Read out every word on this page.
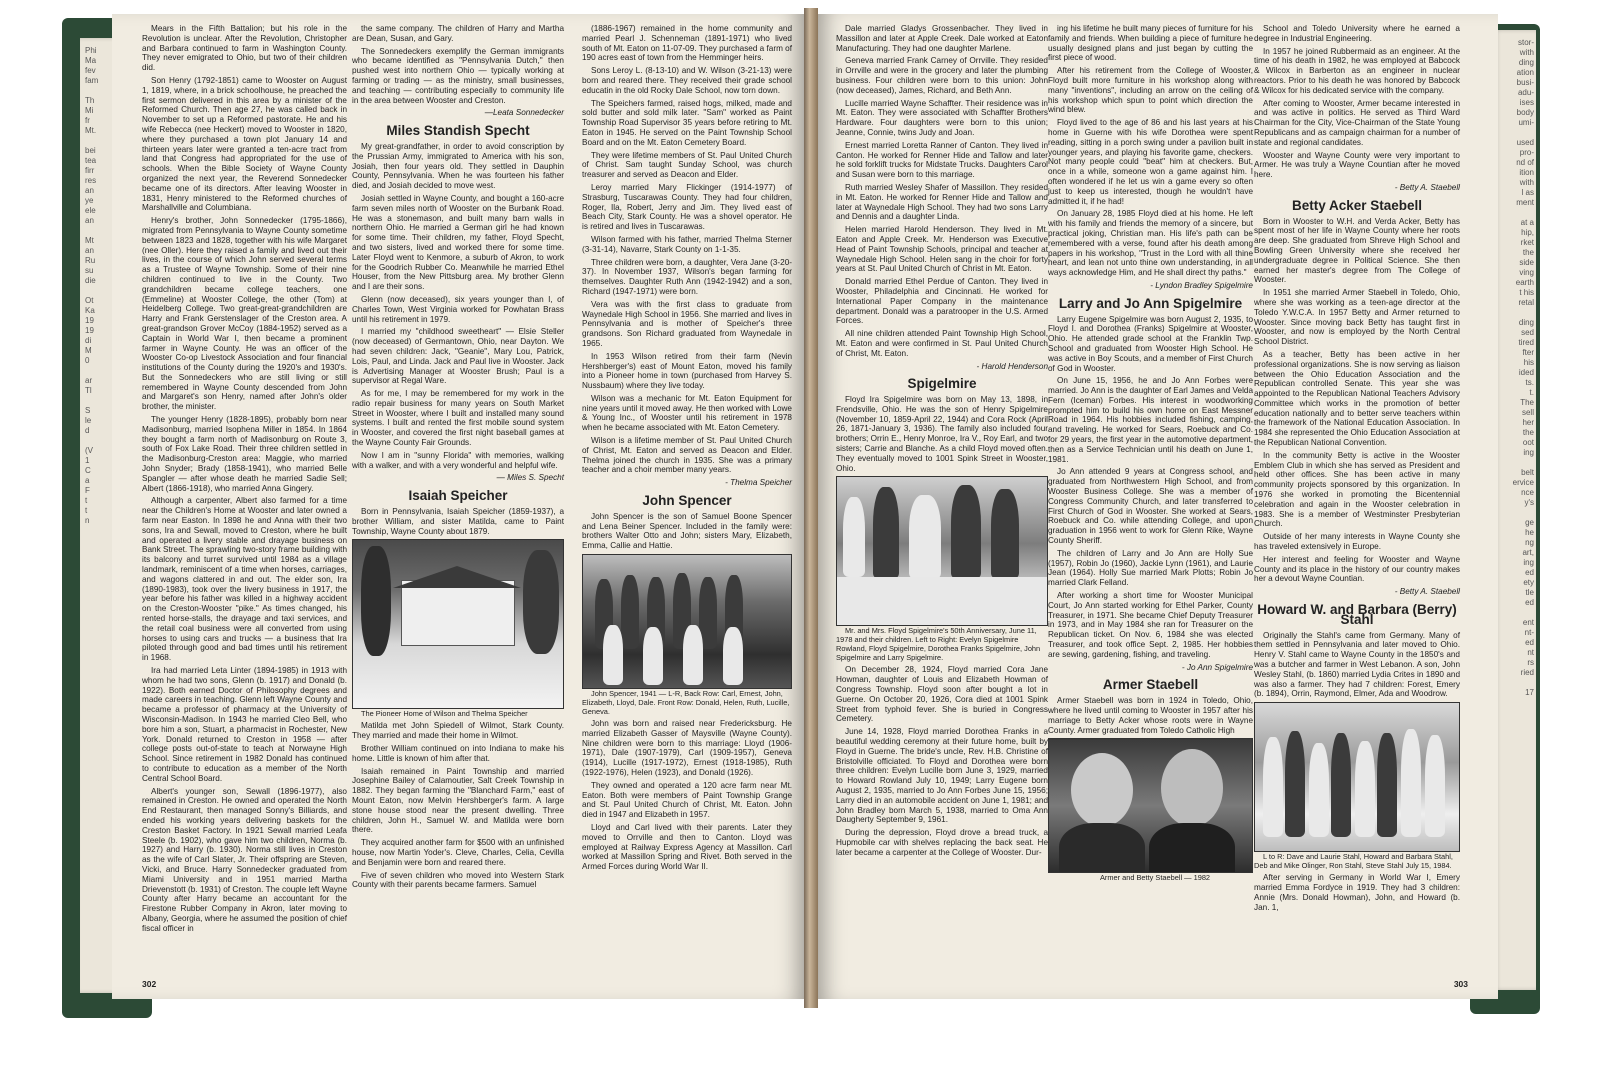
Phi
Ma
fev
fam

Th
Mi
fr
Mt.

bei
tea
firr
res
an
ye
ele
an

Mt
an
Ru
su
die

Ot
Ka
19
19
di
M
0

ar
Tl

S
le
d

(V
1
C
a
F
t
t
n

stor-
with
ding
ation
busi-
adu-
ises
body
umi-

used
pro-
nd of
ition
with
l as
ment

at a
hip,
rket
the
side
ving
earth
t his
retal

ding
sed
tired
fter
his
ided
ts.
t.
The
sell
her
the
oot
ing

belt
ervice
nce
y's

ge
he
ng
art,
ing
ed
ety
tle
ed

ent
nt-
ed
nt
rs
ried

17

Mears in the Fifth Battalion; but his role in the Revolution is unclear. After the Revolution, Christopher and Barbara continued to farm in Washington County. They never emigrated to Ohio, but two of their children did.

Son Henry (1792-1851) came to Wooster on August 1, 1819, where, in a brick schoolhouse, he preached the first sermon delivered in this area by a minister of the Reformed Church. Then age 27, he was called back in November to set up a Reformed pastorate. He and his wife Rebecca (nee Heckert) moved to Wooster in 1820, where they purchased a town plot January 14 and thirteen years later were granted a ten-acre tract from land that Congress had appropriated for the use of schools. When the Bible Society of Wayne County organized the next year, the Reverend Sonnedecker became one of its directors. After leaving Wooster in 1831, Henry ministered to the Reformed churches of Marshallville and Columbiana.

Henry's brother, John Sonnedecker (1795-1866), migrated from Pennsylvania to Wayne County sometime between 1823 and 1828, together with his wife Margaret (nee Oller). Here they raised a family and lived out their lives, in the course of which John served several terms as a Trustee of Wayne Township. Some of their nine children continued to live in the County. Two grandchildren became college teachers, one (Emmeline) at Wooster College, the other (Tom) at Heidelberg College. Two great-great-grandchildren are Harry and Frank Gerstenslager of the Creston area. A great-grandson Grover McCoy (1884-1952) served as a Captain in World War I, then became a prominent farmer in Wayne County. He was an officer of the Wooster Co-op Livestock Association and four financial institutions of the County during the 1920's and 1930's. But the Sonnedeckers who are still living or still remembered in Wayne County descended from John and Margaret's son Henry, named after John's older brother, the minister.

The younger Henry (1828-1895), probably born near Madisonburg, married Isophena Miller in 1854. In 1864 they bought a farm north of Madisonburg on Route 3, south of Fox Lake Road. Their three children settled in the Madisonburg-Creston area: Maggie, who married John Snyder; Brady (1858-1941), who married Belle Spangler — after whose death he married Sadie Sell; Albert (1866-1918), who married Anna Gingery.

Although a carpenter, Albert also farmed for a time near the Children's Home at Wooster and later owned a farm near Easton. In 1898 he and Anna with their two sons, Ira and Sewall, moved to Creston, where he built and operated a livery stable and drayage business on Bank Street. The sprawling two-story frame building with its balcony and turret survived until 1984 as a village landmark, reminiscent of a time when horses, carriages, and wagons clattered in and out. The elder son, Ira (1890-1983), took over the livery business in 1917, the year before his father was killed in a highway accident on the Creston-Wooster "pike." As times changed, his rented horse-stalls, the drayage and taxi services, and the retail coal business were all converted from using horses to using cars and trucks — a business that Ira piloted through good and bad times until his retirement in 1968.

Ira had married Leta Linter (1894-1985) in 1913 with whom he had two sons, Glenn (b. 1917) and Donald (b. 1922). Both earned Doctor of Philosophy degrees and made careers in teaching. Glenn left Wayne County and became a professor of pharmacy at the University of Wisconsin-Madison. In 1943 he married Cleo Bell, who bore him a son, Stuart, a pharmacist in Rochester, New York. Donald returned to Creston in 1958 — after college posts out-of-state to teach at Norwayne High School. Since retirement in 1982 Donald has continued to contribute to education as a member of the North Central School Board.

Albert's younger son, Sewall (1896-1977), also remained in Creston. He owned and operated the North End Restaurant, then managed Sonny's Billiards, and ended his working years delivering baskets for the Creston Basket Factory. In 1921 Sewall married Leafa Steele (b. 1902), who gave him two children, Norma (b. 1927) and Harry (b. 1930). Norma still lives in Creston as the wife of Carl Slater, Jr. Their offspring are Steven, Vicki, and Bruce. Harry Sonnedecker graduated from Miami University and in 1951 married Martha Drievenstott (b. 1931) of Creston. The couple left Wayne County after Harry became an accountant for the Firestone Rubber Company in Akron, later moving to Albany, Georgia, where he assumed the position of chief fiscal officer in

the same company. The children of Harry and Martha are Dean, Susan, and Gary.

The Sonnedeckers exemplify the German immigrants who became identified as "Pennsylvania Dutch," then pushed west into northern Ohio — typically working at farming or trading — as the ministry, small businesses, and teaching — contributing especially to community life in the area between Wooster and Creston.

—Leata Sonnedecker

Miles Standish Specht

My great-grandfather, in order to avoid conscription by the Prussian Army, immigrated to America with his son, Josiah, then four years old. They settled in Dauphin County, Pennsylvania. When he was fourteen his father died, and Josiah decided to move west.

Josiah settled in Wayne County, and bought a 160-acre farm seven miles north of Wooster on the Burbank Road. He was a stonemason, and built many barn walls in northern Ohio. He married a German girl he had known for some time. Their children, my father, Floyd Specht, and two sisters, lived and worked there for some time. Later Floyd went to Kenmore, a suburb of Akron, to work for the Goodrich Rubber Co. Meanwhile he married Ethel Houser, from the New Pittsburg area. My brother Glenn and I are their sons.

Glenn (now deceased), six years younger than I, of Charles Town, West Virginia worked for Powhatan Brass until his retirement in 1979.

I married my "childhood sweetheart" — Elsie Steller (now deceased) of Germantown, Ohio, near Dayton. We had seven children: Jack, "Geanie", Mary Lou, Patrick, Lois, Paul, and Linda. Jack and Paul live in Wooster. Jack is Advertising Manager at Wooster Brush; Paul is a supervisor at Regal Ware.

As for me, I may be remembered for my work in the radio repair business for many years on South Market Street in Wooster, where I built and installed many sound systems. I built and rented the first mobile sound system in Wooster, and covered the first night baseball games at the Wayne County Fair Grounds.

Now I am in "sunny Florida" with memories, walking with a walker, and with a very wonderful and helpful wife.

— Miles S. Specht

Isaiah Speicher

Born in Pennsylvania, Isaiah Speicher (1859-1937), a brother William, and sister Matilda, came to Paint Township, Wayne County about 1879.

The Pioneer Home of Wilson and Thelma Speicher

Matilda met John Spiedell of Wilmot, Stark County. They married and made their home in Wilmot.

Brother William continued on into Indiana to make his home. Little is known of him after that.

Isaiah remained in Paint Township and married Josephine Bailey of Calamoutier, Salt Creek Township in 1882. They began farming the "Blanchard Farm," east of Mount Eaton, now Melvin Hershberger's farm. A large stone house stood near the present dwelling. Three children, John H., Samuel W. and Matilda were born there.

They acquired another farm for $500 with an unfinished house, now Martin Yoder's. Cleve, Charles, Celia, Cevilla and Benjamin were born and reared there.

Five of seven children who moved into Western Stark County with their parents became farmers. Samuel

(1886-1967) remained in the home community and married Pearl J. Schenneman (1891-1971) who lived south of Mt. Eaton on 11-07-09. They purchased a farm of 190 acres east of town from the Hemminger heirs.

Sons Leroy L. (8-13-10) and W. Wilson (3-21-13) were born and reared there. They received their grade school educatin in the old Rocky Dale School, now torn down.

The Speichers farmed, raised hogs, milked, made and sold butter and sold milk later. "Sam" worked as Paint Township Road Supervisor 35 years before retiring to Mt. Eaton in 1945. He served on the Paint Township School Board and on the Mt. Eaton Cemetery Board.

They were lifetime members of St. Paul United Church of Christ. Sam taught Sunday School, was church treasurer and served as Deacon and Elder.

Leroy married Mary Flickinger (1914-1977) of Strasburg, Tuscarawas County. They had four children, Roger, Ila, Robert, Jerry and Jim. They lived east of Beach City, Stark County. He was a shovel operator. He is retired and lives in Tuscarawas.

Wilson farmed with his father, married Thelma Sterner (3-31-14), Navarre, Stark County on 1-1-35.

Three children were born, a daughter, Vera Jane (3-20-37). In November 1937, Wilson's began farming for themselves. Daughter Ruth Ann (1942-1942) and a son, Richard (1947-1971) were born.

Vera was with the first class to graduate from Waynedale High School in 1956. She married and lives in Pennsylvania and is mother of Speicher's three grandsons. Son Richard graduated from Waynedale in 1965.

In 1953 Wilson retired from their farm (Nevin Hershberger's) east of Mount Eaton, moved his family into a Pioneer home in town (purchased from Harvey S. Nussbaum) where they live today.

Wilson was a mechanic for Mt. Eaton Equipment for nine years until it moved away. He then worked with Lowe & Young Inc., of Wooster until his retirement in 1978 when he became associated with Mt. Eaton Cemetery.

Wilson is a lifetime member of St. Paul United Church of Christ, Mt. Eaton and served as Deacon and Elder. Thelma joined the church in 1935. She was a primary teacher and a choir member many years.

- Thelma Speicher

John Spencer

John Spencer is the son of Samuel Boone Spencer and Lena Beiner Spencer. Included in the family were: brothers Walter Otto and John; sisters Mary, Elizabeth, Emma, Callie and Hattie.

John Spencer, 1941 — L-R, Back Row: Carl, Ernest, John, Elizabeth, Lloyd, Dale. Front Row: Donald, Helen, Ruth, Lucille, Geneva.

John was born and raised near Fredericksburg. He married Elizabeth Gasser of Maysville (Wayne County). Nine children were born to this marriage: Lloyd (1906-1971), Dale (1907-1979), Carl (1909-1957), Geneva (1914), Lucille (1917-1972), Ernest (1918-1985), Ruth (1922-1976), Helen (1923), and Donald (1926).

They owned and operated a 120 acre farm near Mt. Eaton. Both were members of Paint Township Grange and St. Paul United Church of Christ, Mt. Eaton. John died in 1947 and Elizabeth in 1957.

Lloyd and Carl lived with their parents. Later they moved to Orrville and then to Canton. Lloyd was employed at Railway Express Agency at Massillon. Carl worked at Massillon Spring and Rivet. Both served in the Armed Forces during World War II.

302

Dale married Gladys Grossenbacher. They lived in Massillon and later at Apple Creek. Dale worked at Eaton Manufacturing. They had one daughter Marlene.

Geneva married Frank Carney of Orrville. They resided in Orrville and were in the grocery and later the plumbing business. Four children were born to this union: John (now deceased), James, Richard, and Beth Ann.

Lucille married Wayne Schaffter. Their residence was in Mt. Eaton. They were associated with Schaffter Brothers Hardware. Four daughters were born to this union; Jeanne, Connie, twins Judy and Joan.

Ernest married Loretta Ranner of Canton. They lived in Canton. He worked for Renner Hide and Tallow and later he sold forklift trucks for Midstate Trucks. Daughters Carol and Susan were born to this marriage.

Ruth married Wesley Shafer of Massillon. They resided in Mt. Eaton. He worked for Renner Hide and Tallow and later at Waynedale High School. They had two sons Larry and Dennis and a daughter Linda.

Helen married Harold Henderson. They lived in Mt. Eaton and Apple Creek. Mr. Henderson was Executive Head of Paint Township Schools, principal and teacher at Waynedale High School. Helen sang in the choir for forty years at St. Paul United Church of Christ in Mt. Eaton.

Donald married Ethel Perdue of Canton. They lived in Wooster, Philadelphia and Cincinnati. He worked for International Paper Company in the maintenance department. Donald was a paratrooper in the U.S. Armed Forces.

All nine children attended Paint Township High School, Mt. Eaton and were confirmed in St. Paul United Church of Christ, Mt. Eaton.

- Harold Henderson

Spigelmire

Floyd Ira Spigelmire was born on May 13, 1898, in Frendsville, Ohio. He was the son of Henry Spigelmire (November 10, 1859-April 22, 1944) and Cora Rock (April 26, 1871-January 3, 1936). The family also included four brothers; Orrin E., Henry Monroe, Ira V., Roy Earl, and two sisters; Carrie and Blanche. As a child Floyd moved often. They eventually moved to 1001 Spink Street in Wooster, Ohio.

Mr. and Mrs. Floyd Spigelmire's 50th Anniversary, June 11, 1978 and their children. Left to Right: Evelyn Spigelmire Rowland, Floyd Spigelmire, Dorothea Franks Spigelmire, John Spigelmire and Larry Spigelmire.

On December 28, 1924, Floyd married Cora Jane Howman, daughter of Louis and Elizabeth Howman of Congress Township. Floyd soon after bought a lot in Guerne. On October 20, 1926, Cora died at 1001 Spink Street from typhoid fever. She is buried in Congress Cemetery.

June 14, 1928, Floyd married Dorothea Franks in a beautiful wedding ceremony at their future home, built by Floyd in Guerne. The bride's uncle, Rev. H.B. Christine of Bristolville officiated. To Floyd and Dorothea were born three children: Evelyn Lucille born June 3, 1929, married to Howard Rowland July 10, 1949; Larry Eugene born August 2, 1935, married to Jo Ann Forbes June 15, 1956; Larry died in an automobile accident on June 1, 1981; and John Bradley born March 5, 1938, married to Oma Ann Daugherty September 9, 1961.

During the depression, Floyd drove a bread truck, a Hupmobile car with shelves replacing the back seat. He later became a carpenter at the College of Wooster. Dur-

ing his lifetime he built many pieces of furniture for his family and friends. When building a piece of furniture he usually designed plans and just began by cutting the first piece of wood.

After his retirement from the College of Wooster, Floyd built more furniture in his workshop along with many "inventions", including an arrow on the ceiling of his workshop which spun to point which direction the wind blew.

Floyd lived to the age of 86 and his last years at his home in Guerne with his wife Dorothea were spent reading, sitting in a porch swing under a pavilion built in younger years, and playing his favorite game, checkers. Not many people could "beat" him at checkers. But, once in a while, someone won a game against him. I often wondered if he let us win a game every so often just to keep us interested, though he wouldn't have admitted it, if he had!

On January 28, 1985 Floyd died at his home. He left with his family and friends the memory of a sincere, but practical joking, Christian man. His life's path can be remembered with a verse, found after his death among papers in his workshop, "Trust in the Lord with all thine heart, and lean not unto thine own understanding, in all ways acknowledge Him, and He shall direct thy paths."

- Lyndon Bradley Spigelmire

Larry and Jo Ann Spigelmire

Larry Eugene Spigelmire was born August 2, 1935, to Floyd I. and Dorothea (Franks) Spigelmire at Wooster, Ohio. He attended grade school at the Franklin Twp. School and graduated from Wooster High School. He was active in Boy Scouts, and a member of First Church of God in Wooster.

On June 15, 1956, he and Jo Ann Forbes were married. Jo Ann is the daughter of Earl James and Velda Fern (Iceman) Forbes. His interest in woodworking prompted him to build his own home on East Messner Road in 1964. His hobbies included fishing, camping, and traveling. He worked for Sears, Roebuck and Co. for 29 years, the first year in the automotive department, then as a Service Technician until his death on June 1, 1981.

Jo Ann attended 9 years at Congress school, and graduated from Northwestern High School, and from Wooster Business College. She was a member of Congress Community Church, and later transferred to First Church of God in Wooster. She worked at Sears, Roebuck and Co. while attending College, and upon graduation in 1956 went to work for Glenn Rike, Wayne County Sheriff.

The children of Larry and Jo Ann are Holly Sue (1957), Robin Jo (1960), Jackie Lynn (1961), and Laurie Jean (1964). Holly Sue married Mark Plotts; Robin Jo married Clark Felland.

After working a short time for Wooster Municipal Court, Jo Ann started working for Ethel Parker, County Treasurer, in 1971. She became Chief Deputy Treasurer in 1973, and in May 1984 she ran for Treasurer on the Republican ticket. On Nov. 6, 1984 she was elected Treasurer, and took office Sept. 2, 1985. Her hobbies are sewing, gardening, fishing, and traveling.

- Jo Ann Spigelmire

Armer Staebell

Armer Staebell was born in 1924 in Toledo, Ohio, where he lived until coming to Wooster in 1957 after his marriage to Betty Acker whose roots were in Wayne County. Armer graduated from Toledo Catholic High

Armer and Betty Staebell — 1982

School and Toledo University where he earned a degree in Industrial Engineering.

In 1957 he joined Rubbermaid as an engineer. At the time of his death in 1982, he was employed at Babcock & Wilcox in Barberton as an engineer in nuclear reactors. Prior to his death he was honored by Babcock & Wilcox for his dedicated service with the company.

After coming to Wooster, Armer became interested in and was active in politics. He served as Third Ward Chairman for the City, Vice-Chairman of the State Young Republicans and as campaign chairman for a number of state and regional candidates.

Wooster and Wayne County were very important to Armer. He was truly a Wayne Countian after he moved here.

- Betty A. Staebell

Betty Acker Staebell

Born in Wooster to W.H. and Verda Acker, Betty has spent most of her life in Wayne County where her roots are deep. She graduated from Shreve High School and Bowling Green University where she received her undergraduate degree in Political Science. She then earned her master's degree from The College of Wooster.

In 1951 she married Armer Staebell in Toledo, Ohio, where she was working as a teen-age director at the Toledo Y.W.C.A. In 1957 Betty and Armer returned to Wooster. Since moving back Betty has taught first in Wooster, and now is employed by the North Central School District.

As a teacher, Betty has been active in her professional organizations. She is now serving as liaison between the Ohio Education Association and the Republican controlled Senate. This year she was appointed to the Republican National Teachers Advisory Committee which works in the promotion of better education nationally and to better serve teachers within the framework of the National Education Association. In 1984 she represented the Ohio Education Association at the Republican National Convention.

In the community Betty is active in the Wooster Emblem Club in which she has served as President and held other offices. She has been active in many community projects sponsored by this organization. In 1976 she worked in promoting the Bicentennial celebration and again in the Wooster celebration in 1983. She is a member of Westminster Presbyterian Church.

Outside of her many interests in Wayne County she has traveled extensively in Europe.

Her interest and feeling for Wooster and Wayne County and its place in the history of our country makes her a devout Wayne Countian.

- Betty A. Staebell

Howard W. and Barbara (Berry) Stahl

Originally the Stahl's came from Germany. Many of them settled in Pennsylvania and later moved to Ohio. Henry V. Stahl came to Wayne County in the 1850's and was a butcher and farmer in West Lebanon. A son, John Wesley Stahl, (b. 1860) married Lydia Crites in 1890 and was also a farmer. They had 7 children: Forest, Emery (b. 1894), Orrin, Raymond, Elmer, Ada and Woodrow.

L to R: Dave and Laurie Stahl, Howard and Barbara Stahl, Deb and Mike Olinger, Ron Stahl, Steve Stahl July 15, 1984.

After serving in Germany in World War I, Emery married Emma Fordyce in 1919. They had 3 children: Annie (Mrs. Donald Howman), John, and Howard (b. Jan. 1,

303
